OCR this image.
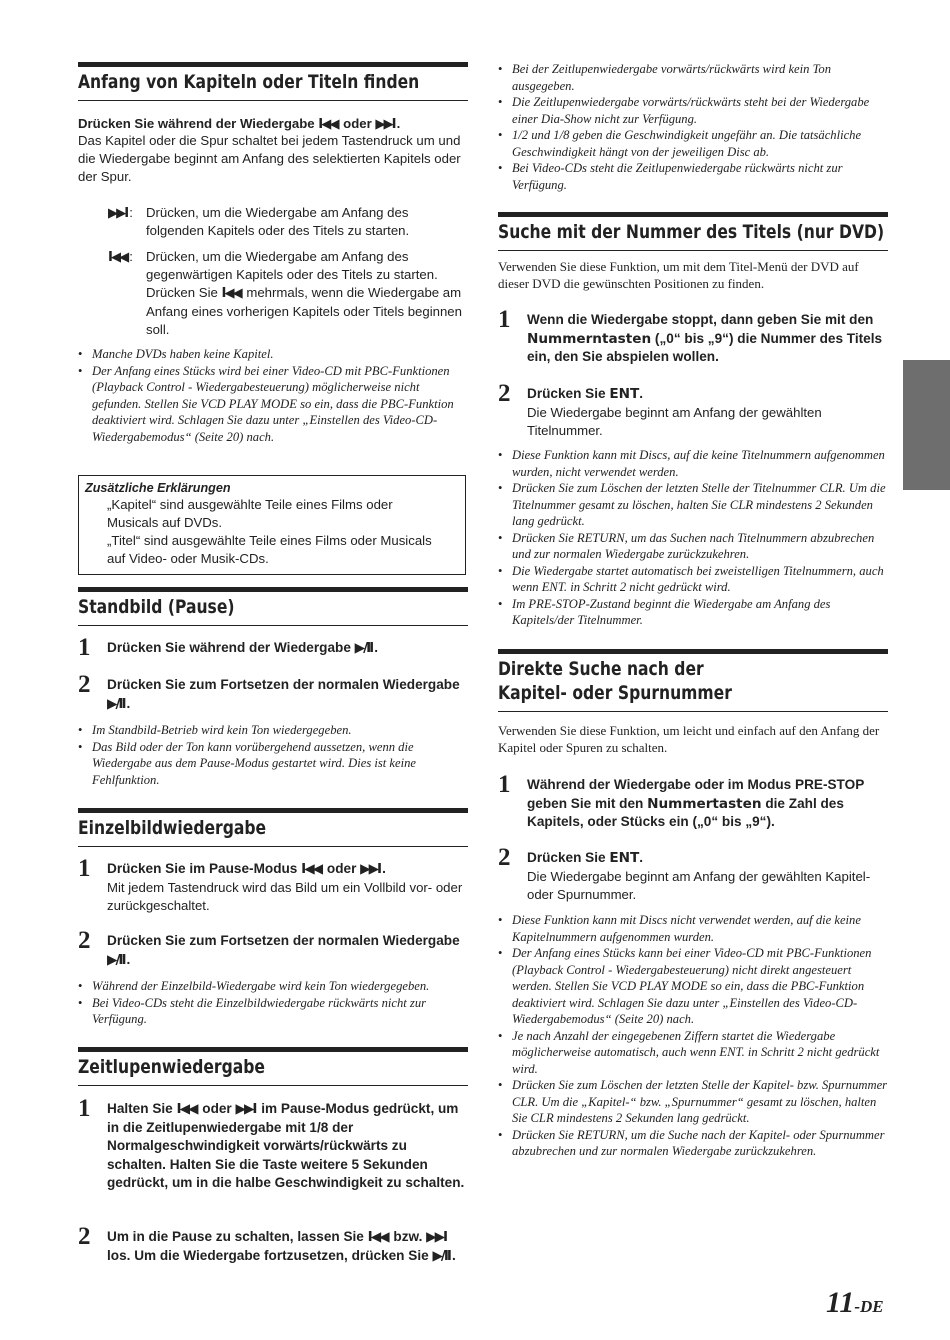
Anfang von Kapiteln oder Titeln finden
Drücken Sie während der Wiedergabe I◀◀ oder ▶▶I .
Das Kapitel oder die Spur schaltet bei jedem Tastendruck um und die Wiedergabe beginnt am Anfang des selektierten Kapitels oder der Spur.
▶▶I : Drücken, um die Wiedergabe am Anfang des folgenden Kapitels oder des Titels zu starten.
I◀◀ : Drücken, um die Wiedergabe am Anfang des gegenwärtigen Kapitels oder des Titels zu starten. Drücken Sie I◀◀ mehrmals, wenn die Wiedergabe am Anfang eines vorherigen Kapitels oder Titels beginnen soll.
• Manche DVDs haben keine Kapitel.
• Der Anfang eines Stücks wird bei einer Video-CD mit PBC-Funktionen (Playback Control - Wiedergabesteuerung) möglicherweise nicht gefunden. Stellen Sie VCD PLAY MODE so ein, dass die PBC-Funktion deaktiviert wird. Schlagen Sie dazu unter „Einstellen des Video-CD-Wiedergabemodus“ (Seite 20) nach.
Zusätzliche Erklärungen
„Kapitel“ sind ausgewählte Teile eines Films oder
Musicals auf DVDs.
„Titel“ sind ausgewählte Teile eines Films oder Musicals
auf Video- oder Musik-CDs.
Standbild (Pause)
1 Drücken Sie während der Wiedergabe ▶/II .
2 Drücken Sie zum Fortsetzen der normalen Wiedergabe ▶/II .
• Im Standbild-Betrieb wird kein Ton wiedergegeben.
• Das Bild oder der Ton kann vorübergehend aussetzen, wenn die Wiedergabe aus dem Pause-Modus gestartet wird. Dies ist keine Fehlfunktion.
Einzelbildwiedergabe
1 Drücken Sie im Pause-Modus I◀◀ oder ▶▶I .
Mit jedem Tastendruck wird das Bild um ein Vollbild vor- oder zurückgeschaltet.
2 Drücken Sie zum Fortsetzen der normalen Wiedergabe ▶/II .
• Während der Einzelbild-Wiedergabe wird kein Ton wiedergegeben.
• Bei Video-CDs steht die Einzelbildwiedergabe rückwärts nicht zur Verfügung.
Zeitlupenwiedergabe
1 Halten Sie I◀◀ oder ▶▶I im Pause-Modus gedrückt, um in die Zeitlupenwiedergabe mit 1/8 der Normalgeschwindigkeit vorwärts/rückwärts zu schalten. Halten Sie die Taste weitere 5 Sekunden gedrückt, um in die halbe Geschwindigkeit zu schalten.
2 Um in die Pause zu schalten, lassen Sie I◀◀ bzw. ▶▶I los. Um die Wiedergabe fortzusetzen, drücken Sie ▶/II .
• Bei der Zeitlupenwiedergabe vorwärts/rückwärts wird kein Ton ausgegeben.
• Die Zeitlupenwiedergabe vorwärts/rückwärts steht bei der Wiedergabe einer Dia-Show nicht zur Verfügung.
• 1/2 und 1/8 geben die Geschwindigkeit ungefähr an. Die tatsächliche Geschwindigkeit hängt von der jeweiligen Disc ab.
• Bei Video-CDs steht die Zeitlupenwiedergabe rückwärts nicht zur Verfügung.
Suche mit der Nummer des Titels (nur DVD)
Verwenden Sie diese Funktion, um mit dem Titel-Menü der DVD auf dieser DVD die gewünschten Positionen zu finden.
1 Wenn die Wiedergabe stoppt, dann geben Sie mit den Nummerntasten („0“ bis „9“) die Nummer des Titels ein, den Sie abspielen wollen.
2 Drücken Sie ENT.
Die Wiedergabe beginnt am Anfang der gewählten Titelnummer.
• Diese Funktion kann mit Discs, auf die keine Titelnummern aufgenommen wurden, nicht verwendet werden.
• Drücken Sie zum Löschen der letzten Stelle der Titelnummer CLR. Um die Titelnummer gesamt zu löschen, halten Sie CLR mindestens 2 Sekunden lang gedrückt.
• Drücken Sie RETURN, um das Suchen nach Titelnummern abzubrechen und zur normalen Wiedergabe zurückzukehren.
• Die Wiedergabe startet automatisch bei zweistelligen Titelnummern, auch wenn ENT. in Schritt 2 nicht gedrückt wird.
• Im PRE-STOP-Zustand beginnt die Wiedergabe am Anfang des Kapitels/der Titelnummer.
Direkte Suche nach der
Kapitel- oder Spurnummer
Verwenden Sie diese Funktion, um leicht und einfach auf den Anfang der Kapitel oder Spuren zu schalten.
1 Während der Wiedergabe oder im Modus PRE-STOP geben Sie mit den Nummertasten die Zahl des Kapitels, oder Stücks ein („0“ bis „9“).
2 Drücken Sie ENT.
Die Wiedergabe beginnt am Anfang der gewählten Kapitel- oder Spurnummer.
• Diese Funktion kann mit Discs nicht verwendet werden, auf die keine Kapitelnummern aufgenommen wurden.
• Der Anfang eines Stücks kann bei einer Video-CD mit PBC-Funktionen (Playback Control - Wiedergabesteuerung) nicht direkt angesteuert werden. Stellen Sie VCD PLAY MODE so ein, dass die PBC-Funktion deaktiviert wird. Schlagen Sie dazu unter „Einstellen des Video-CD-Wiedergabemodus“ (Seite 20) nach.
• Je nach Anzahl der eingegebenen Ziffern startet die Wiedergabe möglicherweise automatisch, auch wenn ENT. in Schritt 2 nicht gedrückt wird.
• Drücken Sie zum Löschen der letzten Stelle der Kapitel- bzw. Spurnummer CLR. Um die „Kapitel-“ bzw. „Spurnummer“ gesamt zu löschen, halten Sie CLR mindestens 2 Sekunden lang gedrückt.
• Drücken Sie RETURN, um die Suche nach der Kapitel- oder Spurnummer abzubrechen und zur normalen Wiedergabe zurückzukehren.
11-DE
